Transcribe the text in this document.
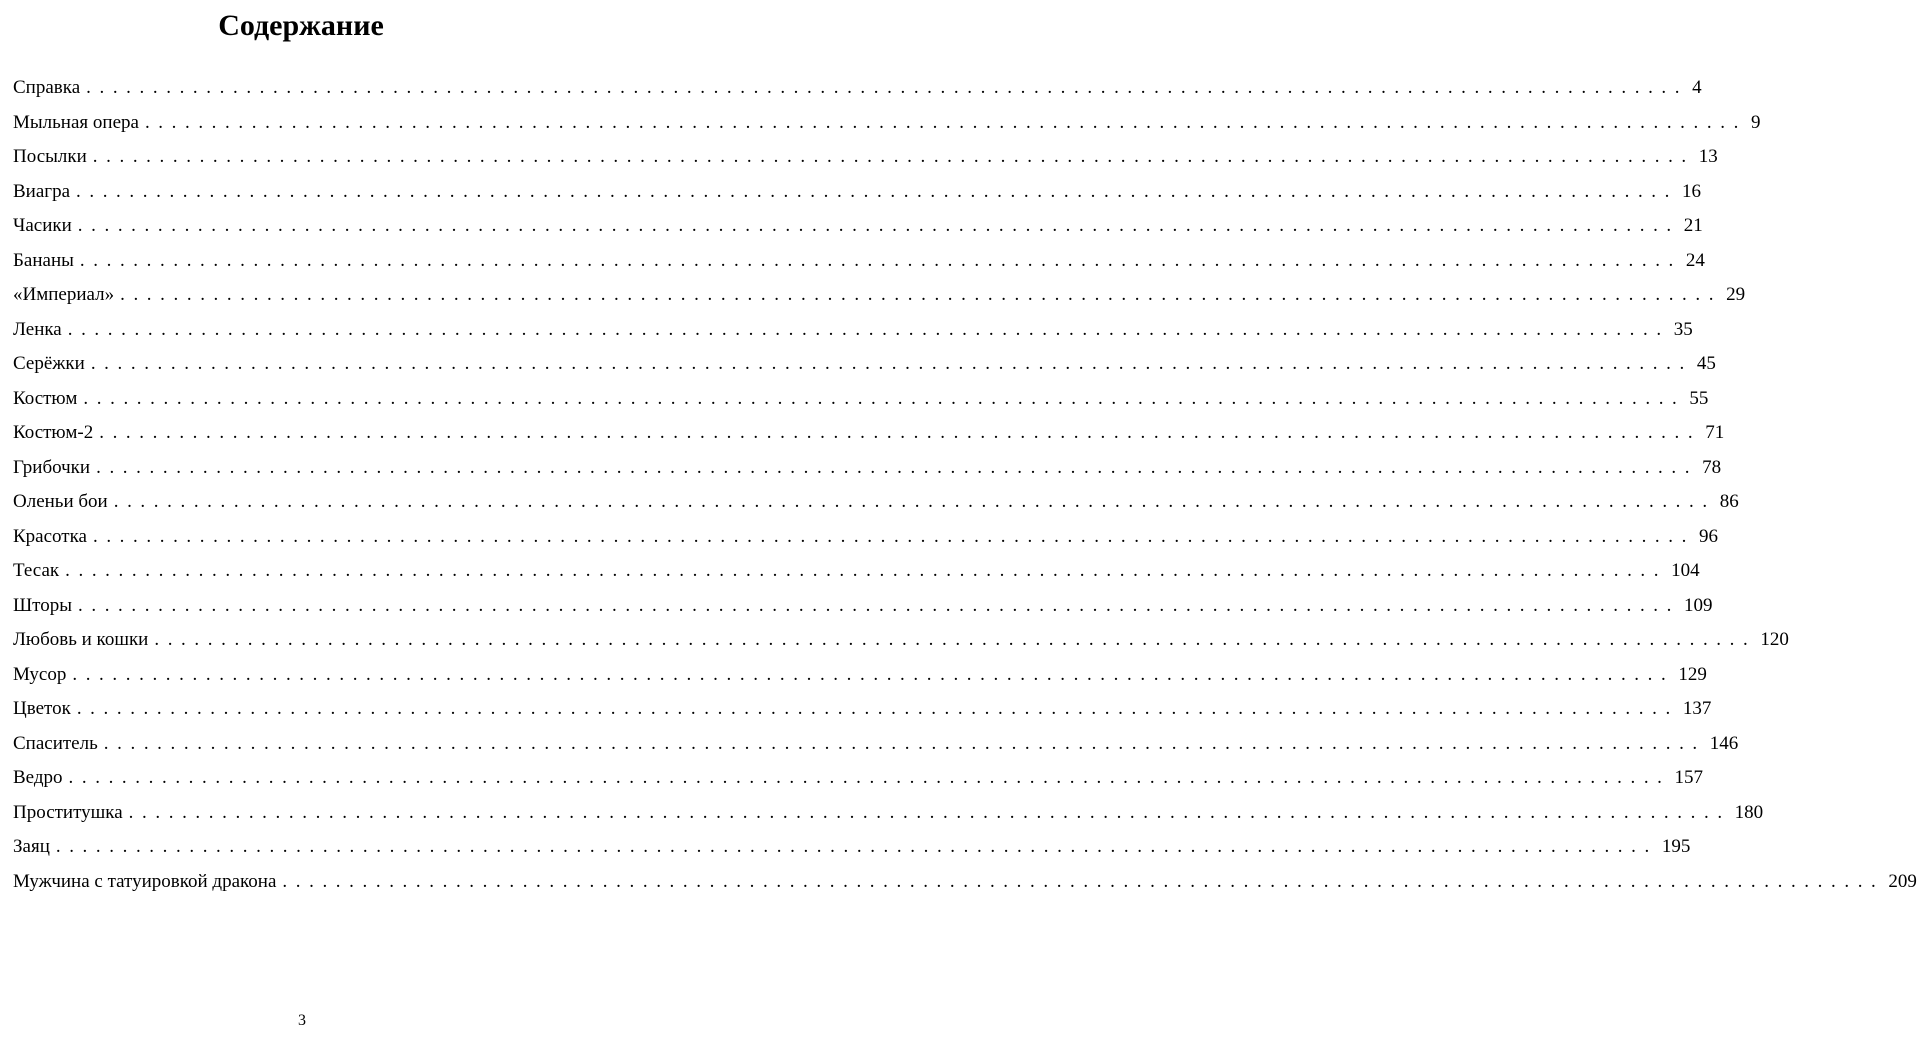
Содержание
Справка ........................................................................................................................ 4
Мыльная опера ........................................................................................................................ 9
Посылки ........................................................................................................................ 13
Виагра ........................................................................................................................ 16
Часики ........................................................................................................................ 21
Бананы ........................................................................................................................ 24
«Империал» ........................................................................................................................ 29
Ленка ........................................................................................................................ 35
Серёжки ........................................................................................................................ 45
Костюм ........................................................................................................................ 55
Костюм-2 ........................................................................................................................ 71
Грибочки ........................................................................................................................ 78
Оленьи бои ........................................................................................................................ 86
Красотка ........................................................................................................................ 96
Тесак ........................................................................................................................ 104
Шторы ........................................................................................................................ 109
Любовь и кошки ........................................................................................................................ 120
Мусор ........................................................................................................................ 129
Цветок ........................................................................................................................ 137
Спаситель ........................................................................................................................ 146
Ведро ........................................................................................................................ 157
Проститушка ........................................................................................................................ 180
Заяц ........................................................................................................................ 195
Мужчина с татуировкой дракона ........................................................................................................................ 209
3
